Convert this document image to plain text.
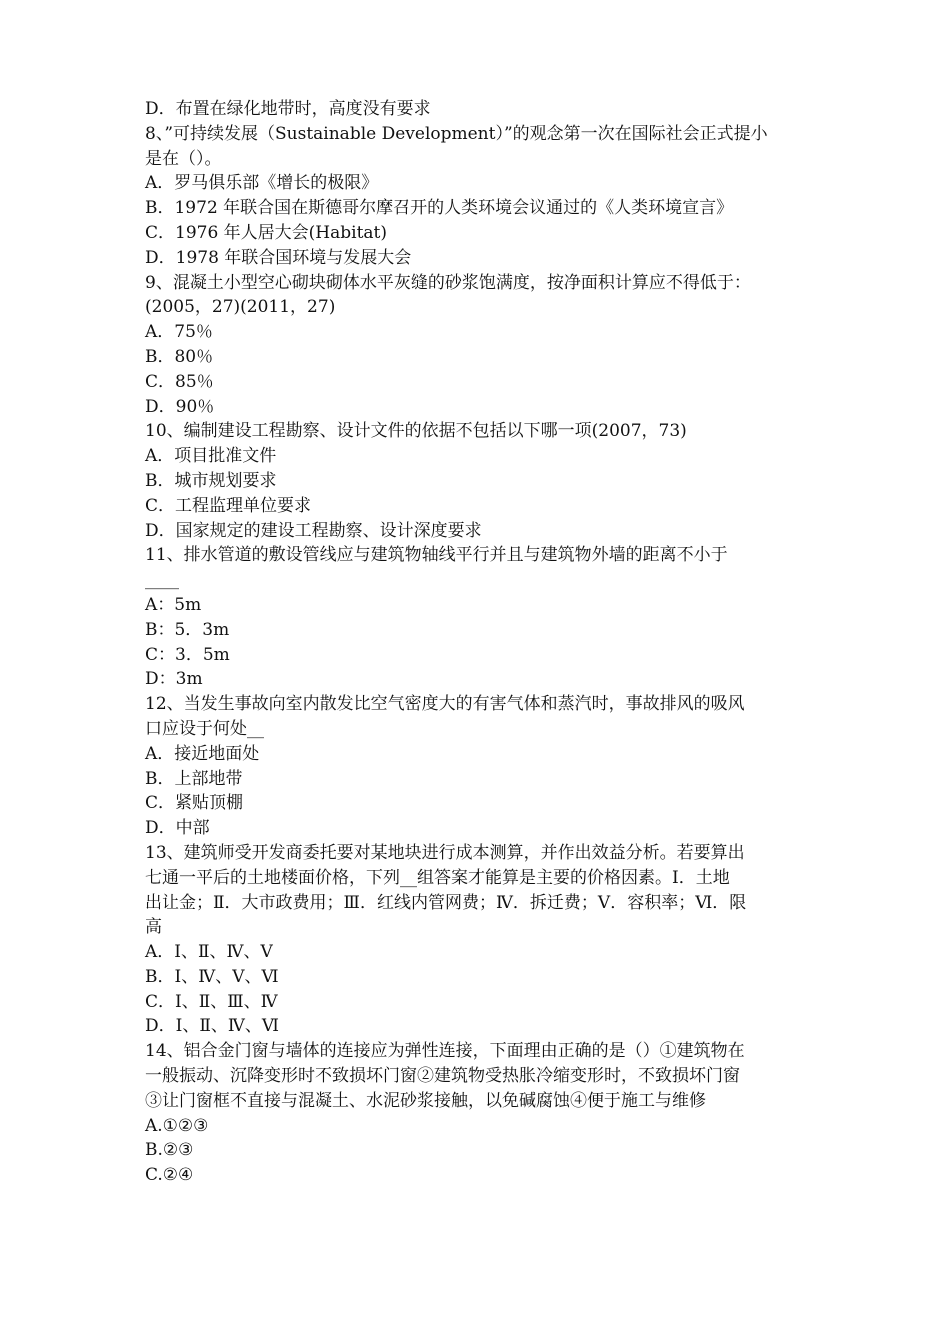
D．布置在绿化地带时，高度没有要求
8、”可持续发展（Sustainable Development）”的观念第一次在国际社会正式提小
是在（）。
A．罗马俱乐部《增长的极限》
B．1972 年联合国在斯德哥尔摩召开的人类环境会议通过的《人类环境宣言》
C．1976 年人居大会(Habitat)
D．1978 年联合国环境与发展大会
9、混凝土小型空心砌块砌体水平灰缝的砂浆饱满度，按净面积计算应不得低于：
(2005，27)(2011，27)
A．75％
B．80％
C．85％
D．90％
10、编制建设工程勘察、设计文件的依据不包括以下哪一项(2007，73)
A．项目批准文件
B．城市规划要求
C．工程监理单位要求
D．国家规定的建设工程勘察、设计深度要求
11、排水管道的敷设管线应与建筑物轴线平行并且与建筑物外墙的距离不小于
____
A：5m
B：5．3m
C：3．5m
D：3m
12、当发生事故向室内散发比空气密度大的有害气体和蒸汽时，事故排风的吸风
口应设于何处__
A．接近地面处
B．上部地带
C．紧贴顶棚
D．中部
13、建筑师受开发商委托要对某地块进行成本测算，并作出效益分析。若要算出
七通一平后的土地楼面价格，下列__组答案才能算是主要的价格因素。Ⅰ．土地
出让金；Ⅱ．大市政费用；Ⅲ．红线内管网费；Ⅳ．拆迁费；Ⅴ．容积率；Ⅵ．限
高
A．Ⅰ、Ⅱ、Ⅳ、Ⅴ
B．Ⅰ、Ⅳ、Ⅴ、Ⅵ
C．Ⅰ、Ⅱ、Ⅲ、Ⅳ
D．Ⅰ、Ⅱ、Ⅳ、Ⅵ
14、铝合金门窗与墙体的连接应为弹性连接，下面理由正确的是（）①建筑物在
一般振动、沉降变形时不致损坏门窗②建筑物受热胀冷缩变形时，不致损坏门窗
③让门窗框不直接与混凝土、水泥砂浆接触，以免碱腐蚀④便于施工与维修
A.①②③
B.②③
C.②④
